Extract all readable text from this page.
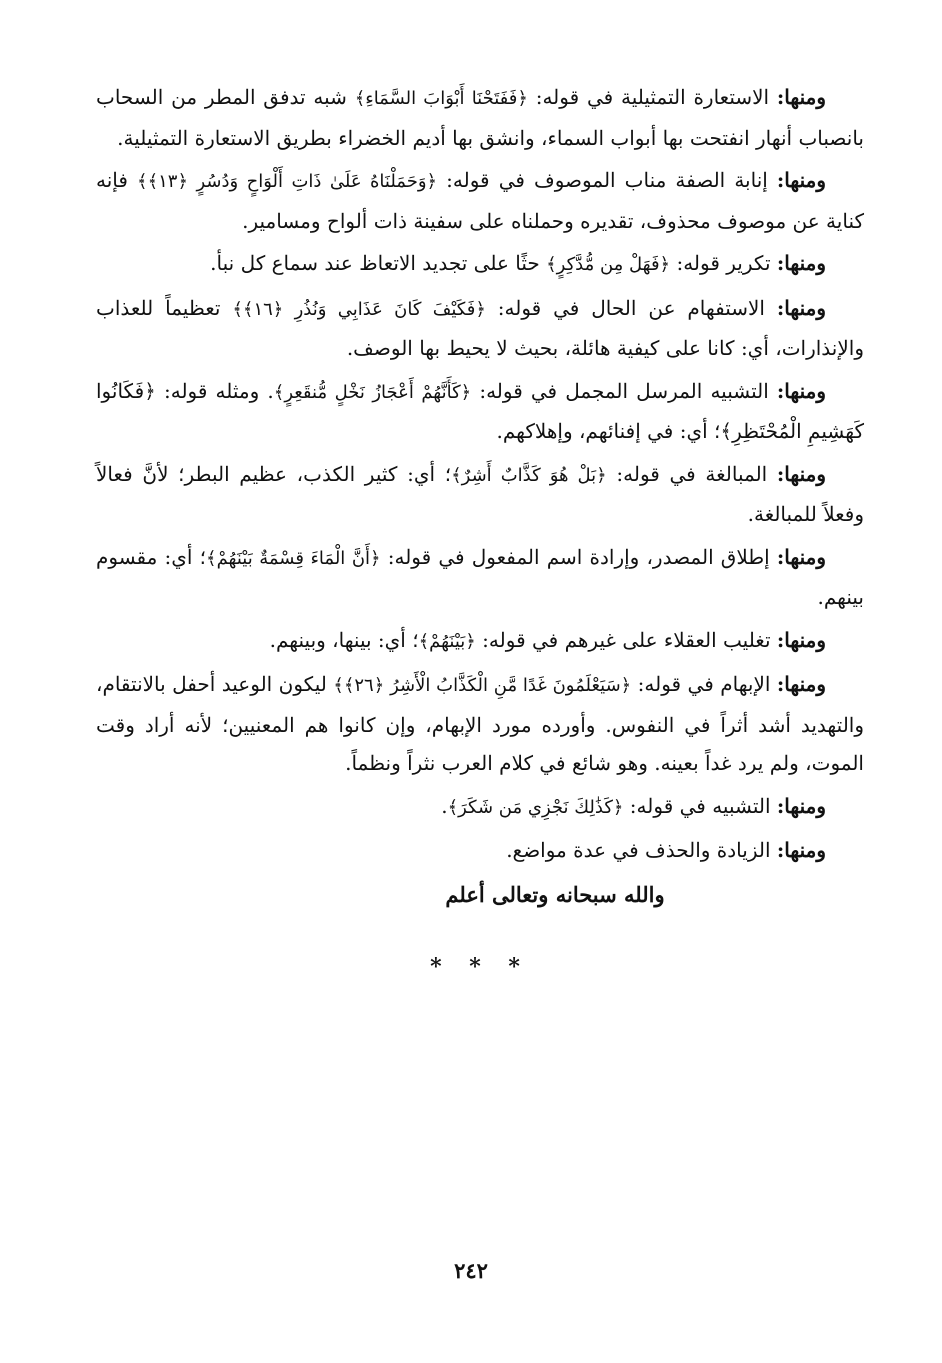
ومنها: الاستعارة التمثيلية في قوله: ﴿فَفَتَحْنَا أَبْوَابَ السَّمَاءِ﴾ شبه تدفق المطر من السحاب بانصباب أنهار انفتحت بها أبواب السماء، وانشق بها أديم الخضراء بطريق الاستعارة التمثيلية.

ومنها: إنابة الصفة مناب الموصوف في قوله: ﴿وَحَمَلْنَاهُ عَلَىٰ ذَاتِ أَلْوَاحٍ وَدُسُرٍ ﴿١٣﴾﴾ فإنه كناية عن موصوف محذوف، تقديره وحملناه على سفينة ذات ألواح ومسامير.

ومنها: تكرير قوله: ﴿فَهَلْ مِن مُّدَّكِرٍ﴾ حثًا على تجديد الاتعاظ عند سماع كل نبأ.

ومنها: الاستفهام عن الحال في قوله: ﴿فَكَيْفَ كَانَ عَذَابِي وَنُذُرِ ﴿١٦﴾﴾ تعظيماً للعذاب والإنذارات، أي: كانا على كيفية هائلة، بحيث لا يحيط بها الوصف.

ومنها: التشبيه المرسل المجمل في قوله: ﴿كَأَنَّهُمْ أَعْجَازُ نَخْلٍ مُّنقَعِرٍ﴾. ومثله قوله: ﴿فَكَانُوا كَهَشِيمِ الْمُحْتَظِرِ﴾؛ أي: في إفنائهم، وإهلاكهم.

ومنها: المبالغة في قوله: ﴿بَلْ هُوَ كَذَّابٌ أَشِرٌ﴾؛ أي: كثير الكذب، عظيم البطر؛ لأنَّ فعالاً وفعلاً للمبالغة.

ومنها: إطلاق المصدر، وإرادة اسم المفعول في قوله: ﴿أَنَّ الْمَاءَ قِسْمَةٌ بَيْنَهُمْ﴾؛ أي: مقسوم بينهم.

ومنها: تغليب العقلاء على غيرهم في قوله: ﴿بَيْنَهُمْ﴾؛ أي: بينها، وبينهم.

ومنها: الإبهام في قوله: ﴿سَيَعْلَمُونَ غَدًا مَّنِ الْكَذَّابُ الْأَشِرُ ﴿٢٦﴾﴾ ليكون الوعيد أحفل بالانتقام، والتهديد أشد أثراً في النفوس. وأورده مورد الإبهام، وإن كانوا هم المعنيين؛ لأنه أراد وقت الموت، ولم يرد غداً بعينه. وهو شائع في كلام العرب نثراً ونظماً.

ومنها: التشبيه في قوله: ﴿كَذَٰلِكَ نَجْزِي مَن شَكَرَ﴾.

ومنها: الزيادة والحذف في عدة مواضع.

والله سبحانه وتعالى أعلم
* * *
٢٤٢
